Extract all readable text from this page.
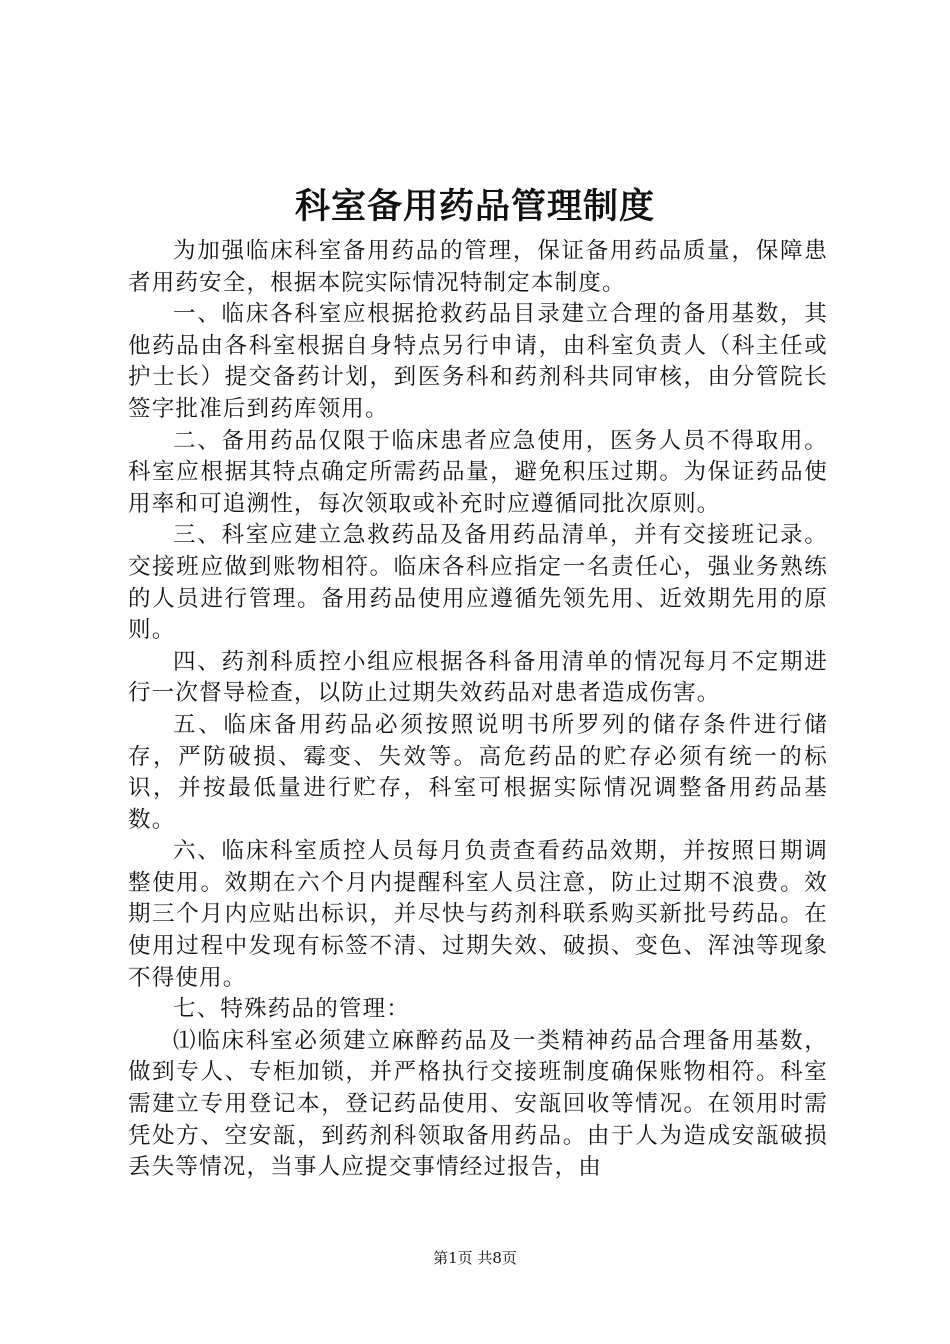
科室备用药品管理制度

为加强临床科室备用药品的管理，保证备用药品质量，保障患者用药安全，根据本院实际情况特制定本制度。

一、临床各科室应根据抢救药品目录建立合理的备用基数，其他药品由各科室根据自身特点另行申请，由科室负责人（科主任或护士长）提交备药计划，到医务科和药剂科共同审核，由分管院长签字批准后到药库领用。

二、备用药品仅限于临床患者应急使用，医务人员不得取用。科室应根据其特点确定所需药品量，避免积压过期。为保证药品使用率和可追溯性，每次领取或补充时应遵循同批次原则。

三、科室应建立急救药品及备用药品清单，并有交接班记录。交接班应做到账物相符。临床各科应指定一名责任心，强业务熟练的人员进行管理。备用药品使用应遵循先领先用、近效期先用的原则。

四、药剂科质控小组应根据各科备用清单的情况每月不定期进行一次督导检查，以防止过期失效药品对患者造成伤害。

五、临床备用药品必须按照说明书所罗列的储存条件进行储存，严防破损、霉变、失效等。高危药品的贮存必须有统一的标识，并按最低量进行贮存，科室可根据实际情况调整备用药品基数。

六、临床科室质控人员每月负责查看药品效期，并按照日期调整使用。效期在六个月内提醒科室人员注意，防止过期不浪费。效期三个月内应贴出标识，并尽快与药剂科联系购买新批号药品。在使用过程中发现有标签不清、过期失效、破损、变色、浑浊等现象不得使用。

七、特殊药品的管理：

⑴临床科室必须建立麻醉药品及一类精神药品合理备用基数，做到专人、专柜加锁，并严格执行交接班制度确保账物相符。科室需建立专用登记本，登记药品使用、安瓿回收等情况。在领用时需凭处方、空安瓿，到药剂科领取备用药品。由于人为造成安瓿破损丢失等情况，当事人应提交事情经过报告，由

第1页 共8页
